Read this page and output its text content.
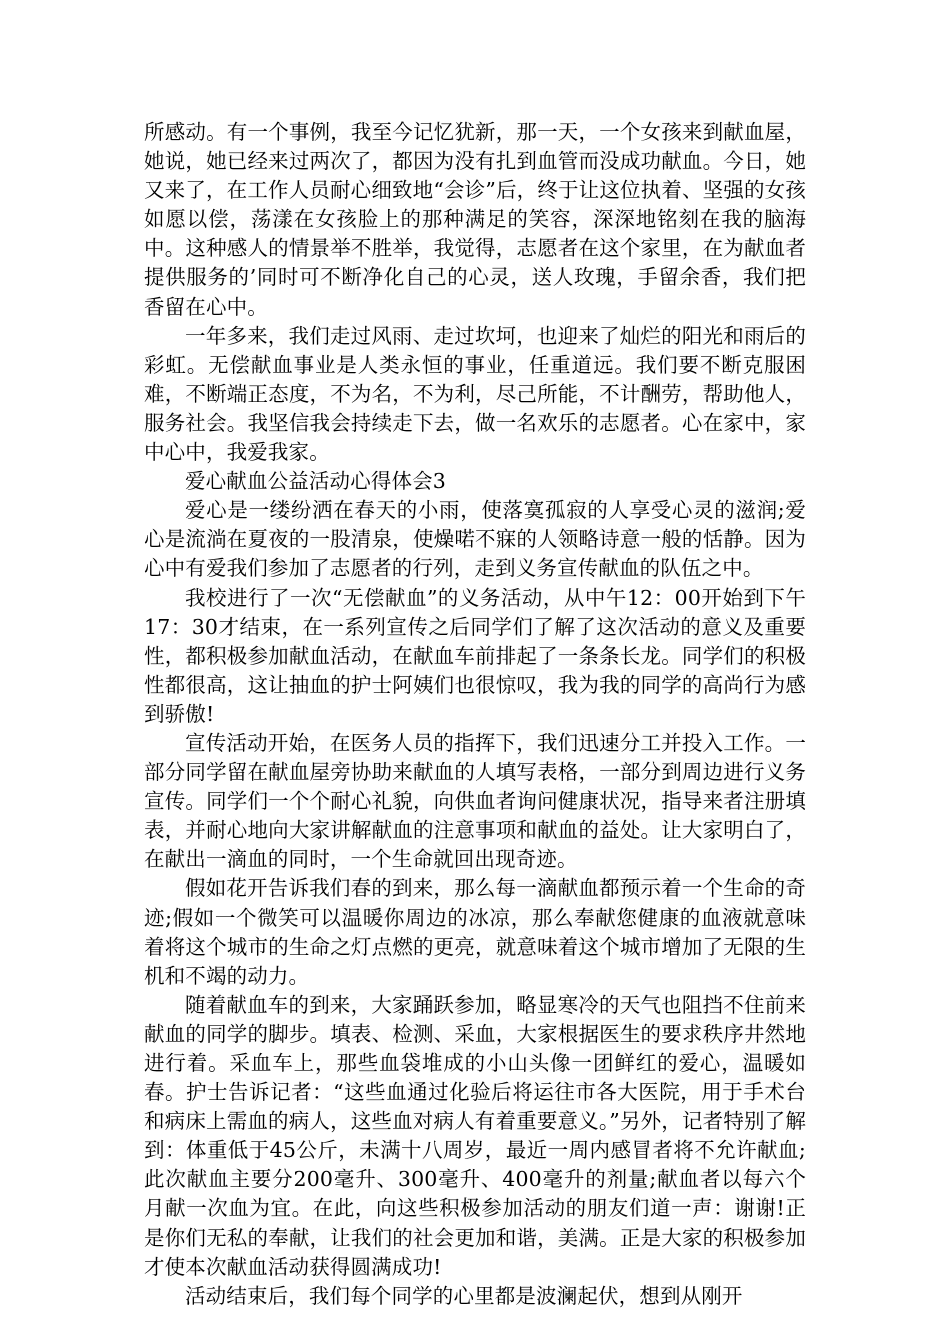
所感动。有一个事例，我至今记忆犹新，那一天，一个女孩来到献血屋，她说，她已经来过两次了，都因为没有扎到血管而没成功献血。今日，她又来了，在工作人员耐心细致地“会诊”后，终于让这位执着、坚强的女孩如愿以偿，荡漾在女孩脸上的那种满足的笑容，深深地铭刻在我的脑海中。这种感人的情景举不胜举，我觉得，志愿者在这个家里，在为献血者提供服务的’同时可不断净化自己的心灵，送人玫瑰，手留余香，我们把香留在心中。

一年多来，我们走过风雨、走过坎坷，也迎来了灿烂的阳光和雨后的彩虹。无偿献血事业是人类永恒的事业，任重道远。我们要不断克服困难，不断端正态度，不为名，不为利，尽己所能，不计酬劳，帮助他人，服务社会。我坚信我会持续走下去，做一名欢乐的志愿者。心在家中，家中心中，我爱我家。

爱心献血公益活动心得体会3

爱心是一缕纷洒在春天的小雨，使落寞孤寂的人享受心灵的滋润;爱心是流淌在夏夜的一股清泉，使燥喏不寐的人领略诗意一般的恬静。因为心中有爱我们参加了志愿者的行列，走到义务宣传献血的队伍之中。

我校进行了一次“无偿献血”的义务活动，从中午12：00开始到下午17：30才结束，在一系列宣传之后同学们了解了这次活动的意义及重要性，都积极参加献血活动，在献血车前排起了一条条长龙。同学们的积极性都很高，这让抽血的护士阿姨们也很惊叹，我为我的同学的高尚行为感到骄傲!

宣传活动开始，在医务人员的指挥下，我们迅速分工并投入工作。一部分同学留在献血屋旁协助来献血的人填写表格，一部分到周边进行义务宣传。同学们一个个耐心礼貌，向供血者询问健康状况，指导来者注册填表，并耐心地向大家讲解献血的注意事项和献血的益处。让大家明白了，在献出一滴血的同时，一个生命就回出现奇迹。

假如花开告诉我们春的到来，那么每一滴献血都预示着一个生命的奇迹;假如一个微笑可以温暖你周边的冰凉，那么奉献您健康的血液就意味着将这个城市的生命之灯点燃的更亮，就意味着这个城市增加了无限的生机和不竭的动力。

随着献血车的到来，大家踊跃参加，略显寒冷的天气也阻挡不住前来献血的同学的脚步。填表、检测、采血，大家根据医生的要求秩序井然地进行着。采血车上，那些血袋堆成的小山头像一团鲜红的爱心，温暖如春。护士告诉记者：“这些血通过化验后将运往市各大医院，用于手术台和病床上需血的病人，这些血对病人有着重要意义。”另外，记者特别了解到：体重低于45公斤，未满十八周岁，最近一周内感冒者将不允许献血;此次献血主要分200毫升、300毫升、400毫升的剂量;献血者以每六个月献一次血为宜。在此，向这些积极参加活动的朋友们道一声：谢谢!正是你们无私的奉献，让我们的社会更加和谐，美满。正是大家的积极参加才使本次献血活动获得圆满成功!

活动结束后，我们每个同学的心里都是波澜起伏，想到从刚开
